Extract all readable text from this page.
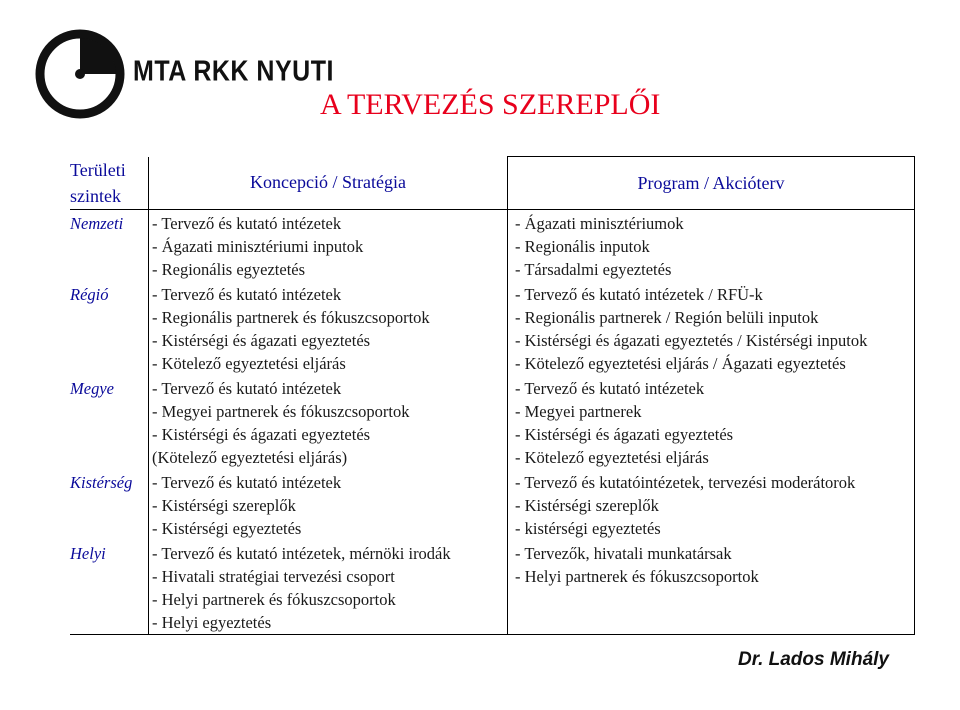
MTA RKK NYUTI
A TERVEZÉS SZEREPLŐI
Területi szintek	Koncepció / Stratégia	Program / Akcióterv

Nemzeti	- Tervező és kutató intézetek
- Ágazati minisztériumi inputok
- Regionális egyeztetés	- Ágazati minisztériumok
- Regionális inputok
- Társadalmi egyeztetés

Régió	- Tervező és kutató intézetek
- Regionális partnerek és fókuszcsoportok
- Kistérségi és ágazati egyeztetés
- Kötelező egyeztetési eljárás	- Tervező és kutató intézetek / RFÜ-k
- Regionális partnerek / Región belüli inputok
- Kistérségi és ágazati egyeztetés / Kistérségi inputok
- Kötelező egyeztetési eljárás / Ágazati egyeztetés

Megye	- Tervező és kutató intézetek
- Megyei partnerek és fókuszcsoportok
- Kistérségi és ágazati egyeztetés
(Kötelező egyeztetési eljárás)	- Tervező és kutató intézetek
- Megyei partnerek
- Kistérségi és ágazati egyeztetés
- Kötelező egyeztetési eljárás

Kistérség	- Tervező és kutató intézetek
- Kistérségi szereplők
- Kistérségi egyeztetés	- Tervező és kutatóintézetek, tervezési moderátorok
- Kistérségi szereplők
- kistérségi egyeztetés

Helyi	- Tervező és kutató intézetek, mérnöki irodák
- Hivatali stratégiai tervezési csoport
- Helyi partnerek és fókuszcsoportok
- Helyi egyeztetés	- Tervezők, hivatali munkatársak
- Helyi partnerek és fókuszcsoportok
Dr. Lados Mihály
